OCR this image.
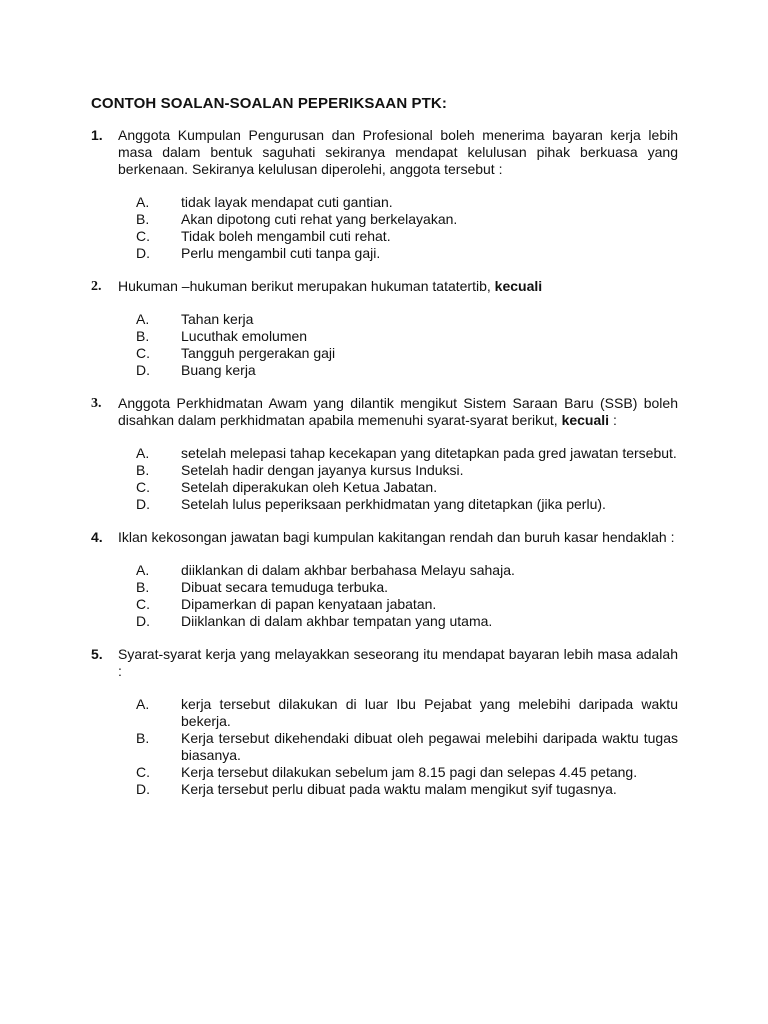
CONTOH SOALAN-SOALAN PEPERIKSAAN PTK:
1.	Anggota Kumpulan Pengurusan dan Profesional boleh menerima bayaran kerja lebih masa dalam bentuk saguhati sekiranya mendapat kelulusan pihak berkuasa yang berkenaan. Sekiranya kelulusan diperolehi, anggota tersebut :
A.	tidak layak mendapat cuti gantian.
B.	Akan dipotong cuti rehat yang berkelayakan.
C.	Tidak boleh mengambil cuti rehat.
D.	Perlu mengambil cuti tanpa gaji.
2.	Hukuman –hukuman berikut merupakan hukuman tatatertib, kecuali
A.	Tahan kerja
B.	Lucuthak emolumen
C.	Tangguh pergerakan gaji
D.	Buang kerja
3.	Anggota Perkhidmatan Awam yang dilantik mengikut Sistem Saraan Baru (SSB) boleh disahkan dalam perkhidmatan apabila memenuhi syarat-syarat berikut, kecuali :
A.	setelah melepasi tahap kecekapan yang ditetapkan pada gred jawatan tersebut.
B.	Setelah hadir dengan jayanya kursus Induksi.
C.	Setelah diperakukan oleh Ketua Jabatan.
D.	Setelah lulus peperiksaan perkhidmatan yang ditetapkan (jika perlu).
4.	Iklan kekosongan jawatan bagi kumpulan kakitangan rendah dan buruh kasar hendaklah :
A.	diiklankan di dalam akhbar berbahasa Melayu sahaja.
B.	Dibuat secara temuduga terbuka.
C.	Dipamerkan di papan kenyataan jabatan.
D.	Diiklankan di dalam akhbar tempatan yang utama.
5.	Syarat-syarat kerja yang melayakkan seseorang itu mendapat bayaran lebih masa adalah :
A.	kerja tersebut dilakukan di luar Ibu Pejabat yang melebihi daripada waktu bekerja.
B.	Kerja tersebut dikehendaki dibuat oleh pegawai melebihi daripada waktu tugas biasanya.
C.	Kerja tersebut dilakukan sebelum jam 8.15 pagi dan selepas 4.45 petang.
D.	Kerja tersebut perlu dibuat pada waktu malam mengikut syif tugasnya.
